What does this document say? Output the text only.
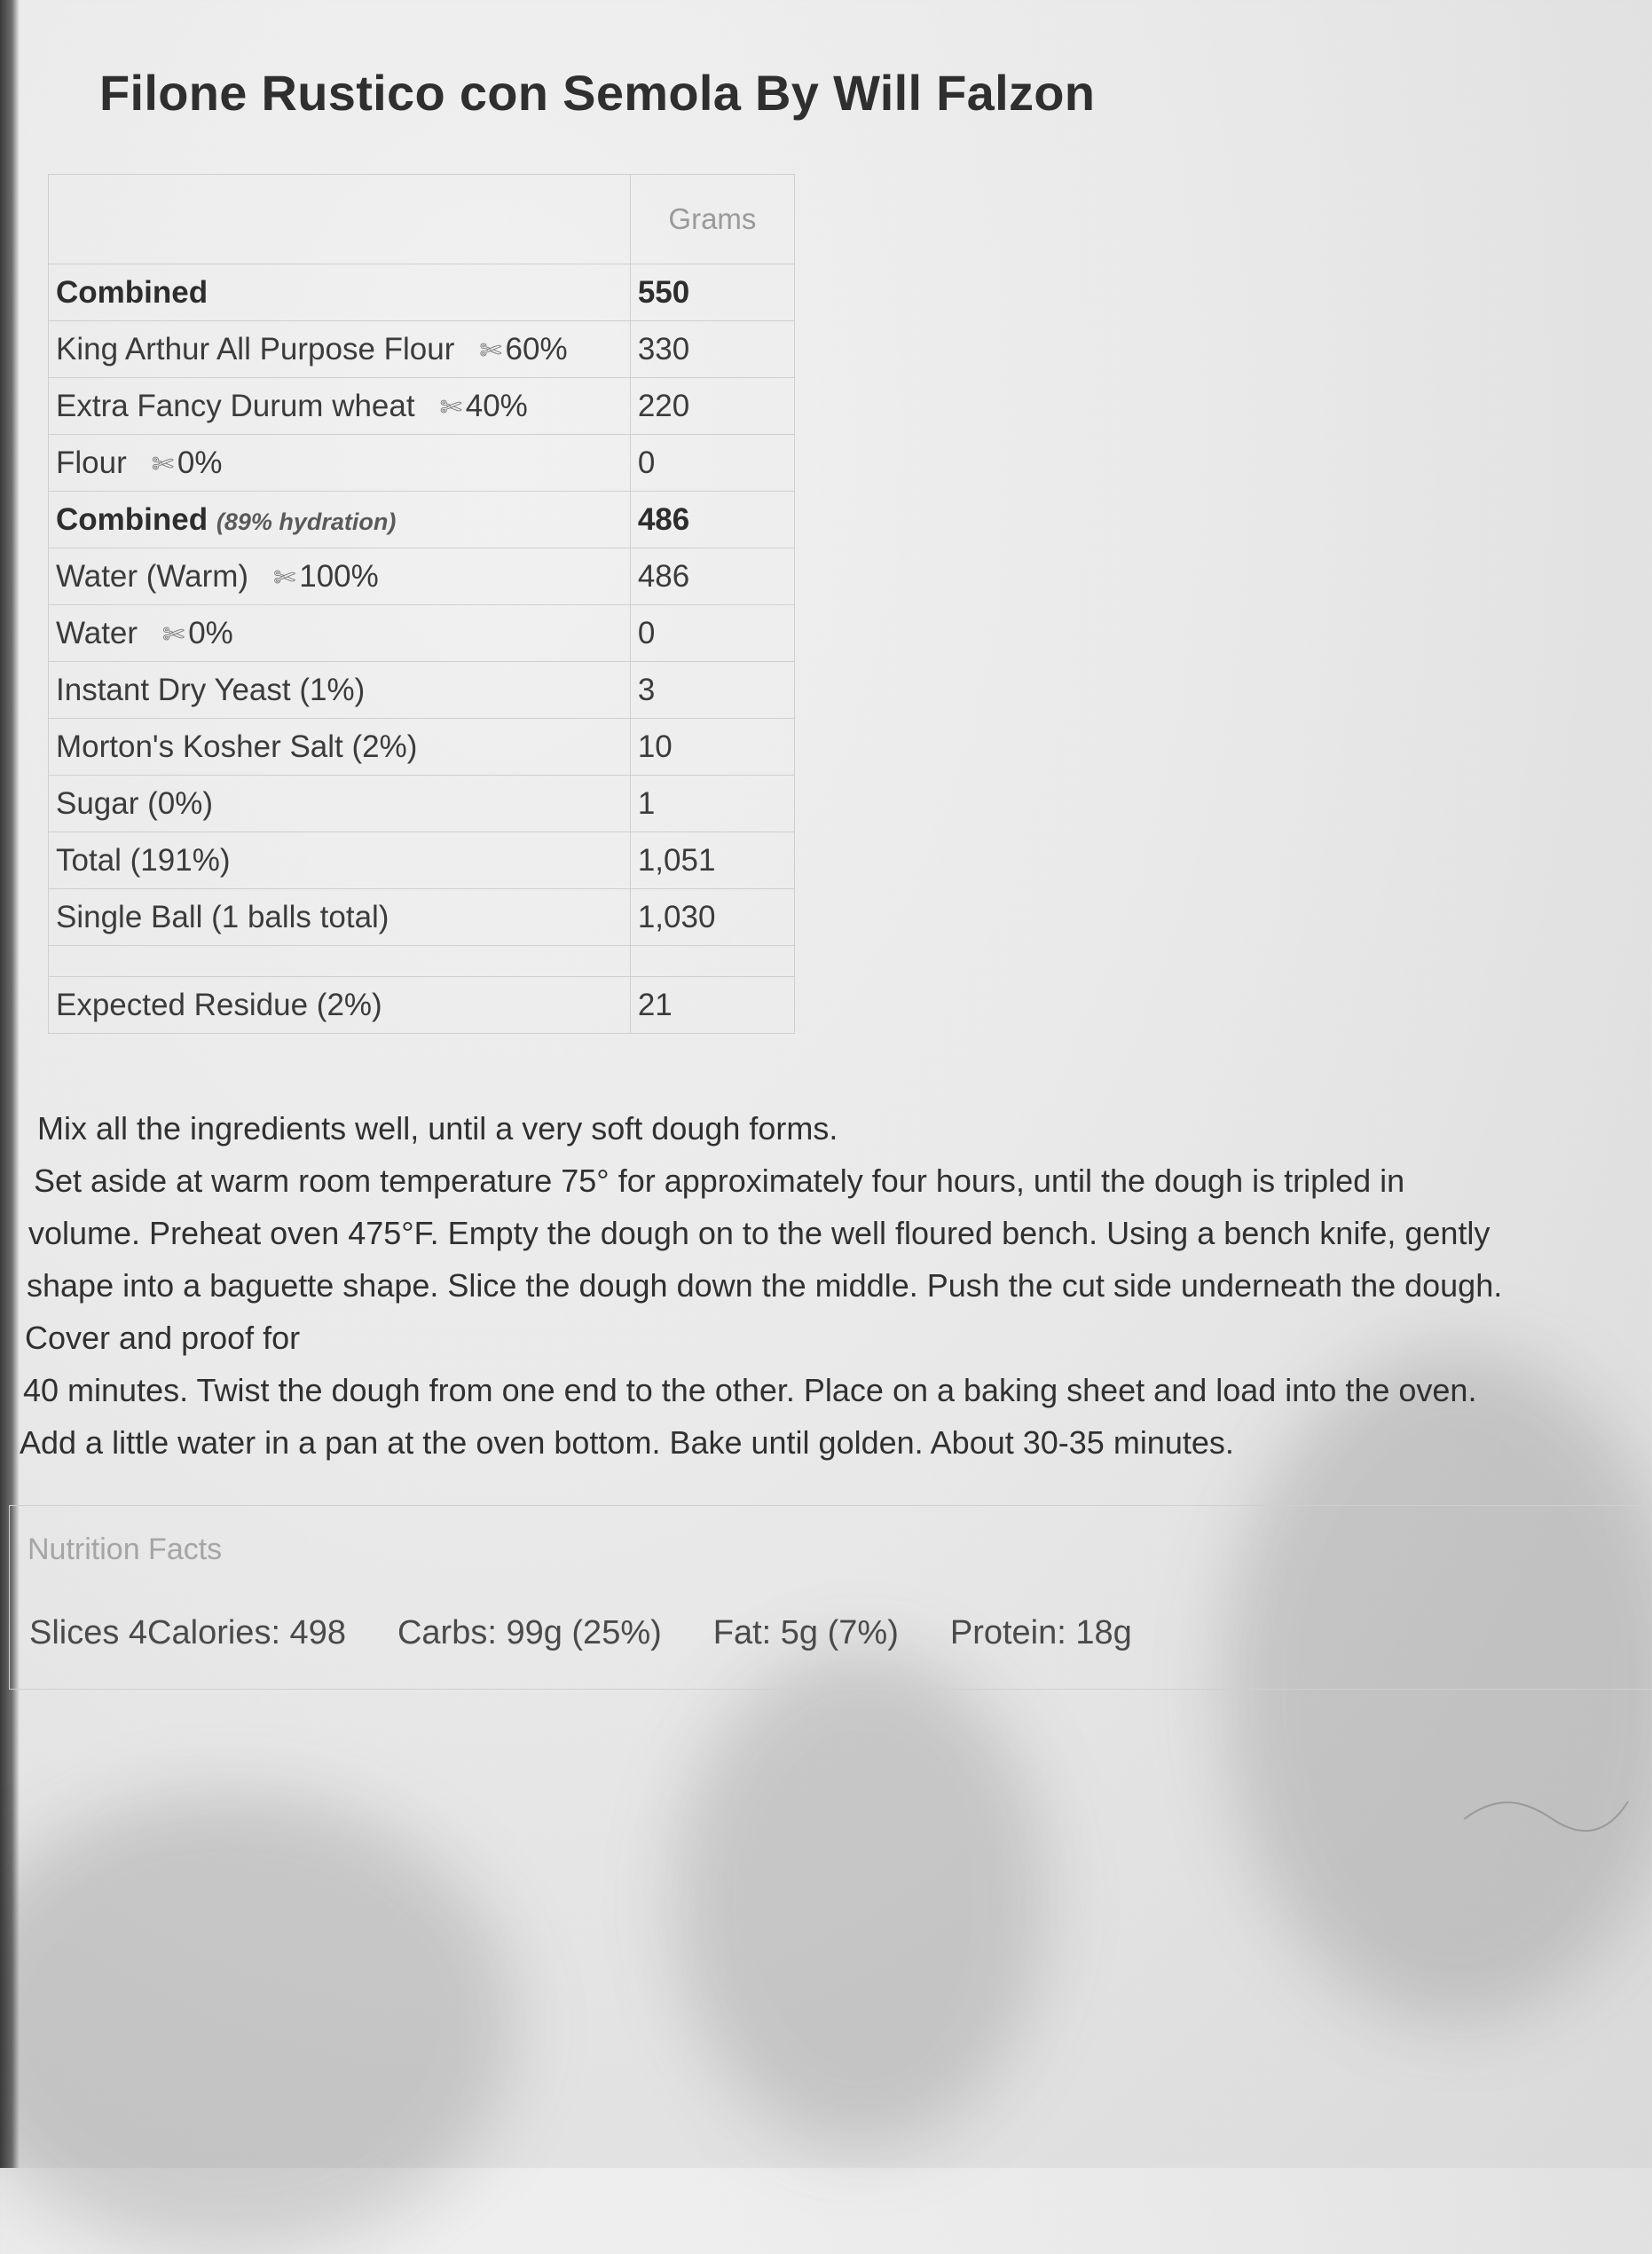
Filone Rustico con Semola By Will Falzon
	Grams
Combined	550
King Arthur All Purpose Flour ✄ 60%	330
Extra Fancy Durum wheat ✄ 40%	220
Flour ✄ 0%	0
Combined (89% hydration)	486
Water (Warm) ✄ 100%	486
Water ✄ 0%	0
Instant Dry Yeast (1%)	3
Morton's Kosher Salt (2%)	10
Sugar (0%)	1
Total (191%)	1,051
Single Ball (1 balls total)	1,030

Expected Residue (2%)	21

Mix all the ingredients well, until a very soft dough forms.

Set aside at warm room temperature 75° for approximately four hours, until the dough is tripled in

volume. Preheat oven 475°F. Empty the dough on to the well floured bench. Using a bench knife, gently

shape into a baguette shape. Slice the dough down the middle. Push the cut side underneath the dough.

Cover and proof for

40 minutes. Twist the dough from one end to the other. Place on a baking sheet and load into the oven.

Add a little water in a pan at the oven bottom. Bake until golden. About 30-35 minutes.

Nutrition Facts
Slices 4Calories: 498 Carbs: 99g (25%) Fat: 5g (7%) Protein: 18g
